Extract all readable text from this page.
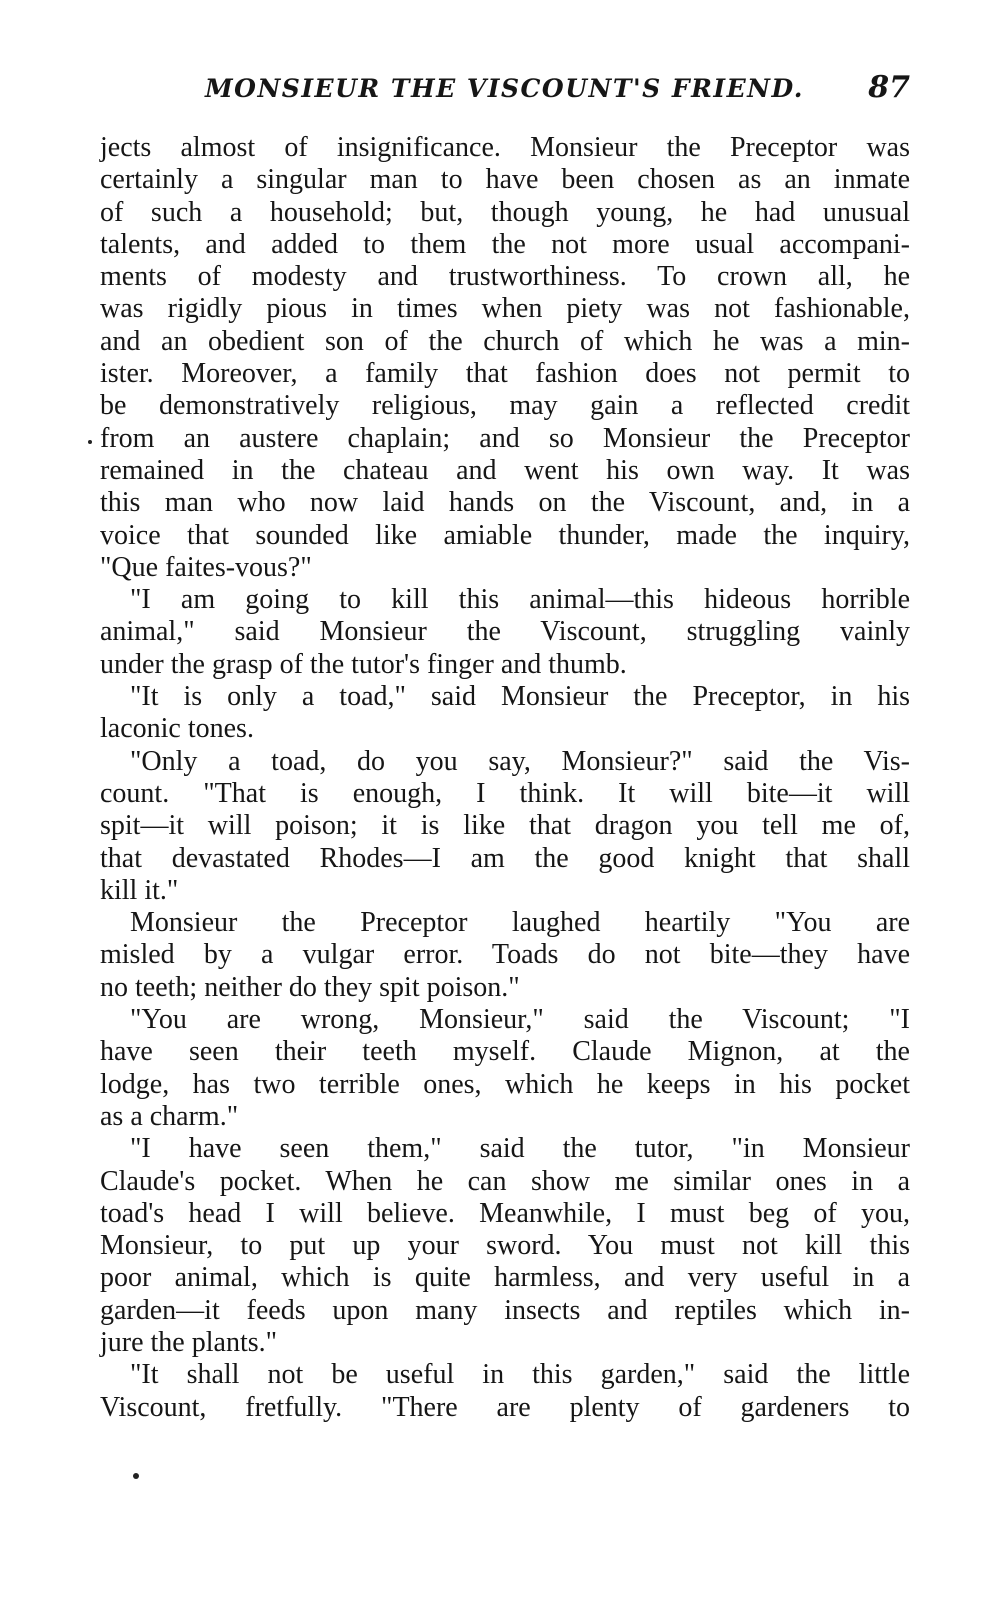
MONSIEUR THE VISCOUNT'S FRIEND. 87
jects almost of insignificance. Monsieur the Preceptor was
certainly a singular man to have been chosen as an inmate
of such a household; but, though young, he had unusual
talents, and added to them the not more usual accompani-
ments of modesty and trustworthiness. To crown all, he
was rigidly pious in times when piety was not fashionable,
and an obedient son of the church of which he was a min-
ister. Moreover, a family that fashion does not permit to
be demonstratively religious, may gain a reflected credit
from an austere chaplain; and so Monsieur the Preceptor
remained in the chateau and went his own way. It was
this man who now laid hands on the Viscount, and, in a
voice that sounded like amiable thunder, made the inquiry,
"Que faites-vous?"
"I am going to kill this animal—this hideous horrible
animal," said Monsieur the Viscount, struggling vainly
under the grasp of the tutor's finger and thumb.
"It is only a toad," said Monsieur the Preceptor, in his
laconic tones.
"Only a toad, do you say, Monsieur?" said the Vis-
count. "That is enough, I think. It will bite—it will
spit—it will poison; it is like that dragon you tell me of,
that devastated Rhodes—I am the good knight that shall
kill it."
Monsieur the Preceptor laughed heartily "You are
misled by a vulgar error. Toads do not bite—they have
no teeth; neither do they spit poison."
"You are wrong, Monsieur," said the Viscount; "I
have seen their teeth myself. Claude Mignon, at the
lodge, has two terrible ones, which he keeps in his pocket
as a charm."
"I have seen them," said the tutor, "in Monsieur
Claude's pocket. When he can show me similar ones in a
toad's head I will believe. Meanwhile, I must beg of you,
Monsieur, to put up your sword. You must not kill this
poor animal, which is quite harmless, and very useful in a
garden—it feeds upon many insects and reptiles which in-
jure the plants."
"It shall not be useful in this garden," said the little
Viscount, fretfully. "There are plenty of gardeners to
